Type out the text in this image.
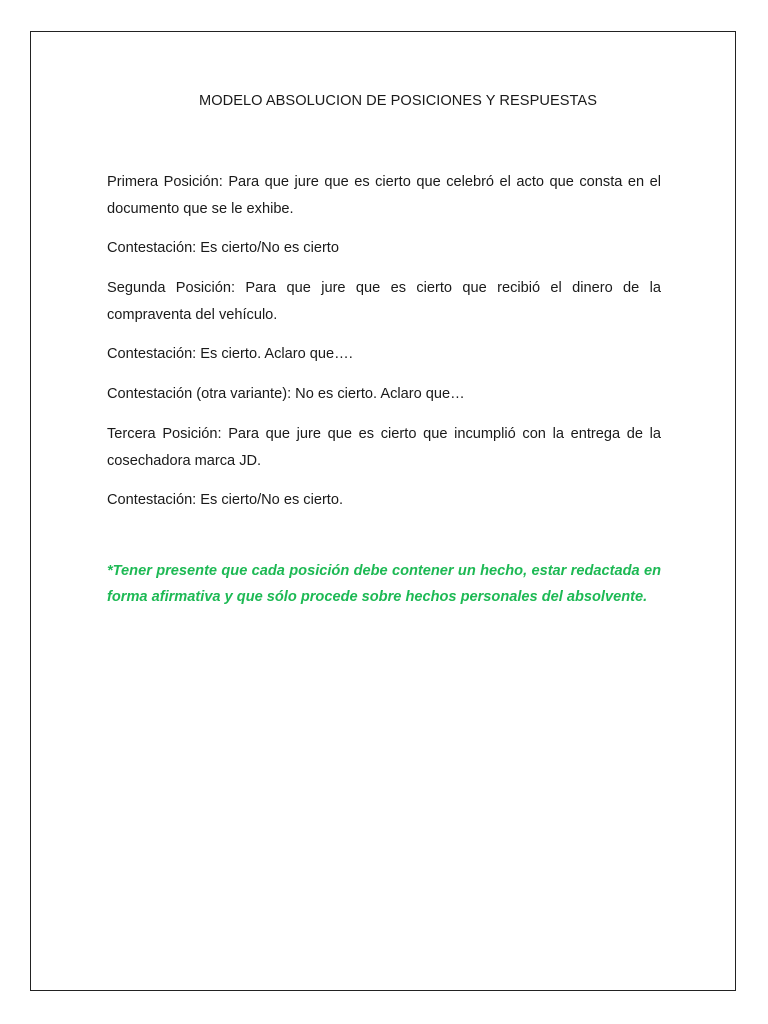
MODELO ABSOLUCION DE POSICIONES Y RESPUESTAS

Primera Posición: Para que jure que es cierto que celebró el acto que consta en el documento que se le exhibe.

Contestación: Es cierto/No es cierto

Segunda Posición: Para que jure que es cierto que recibió el dinero de la compraventa del vehículo.

Contestación: Es cierto. Aclaro que….

Contestación (otra variante): No es cierto. Aclaro que…

Tercera Posición: Para que jure que es cierto que incumplió con la entrega de la cosechadora marca JD.

Contestación: Es cierto/No es cierto.

*Tener presente que cada posición debe contener un hecho, estar redactada en forma afirmativa y que sólo procede sobre hechos personales del absolvente.
